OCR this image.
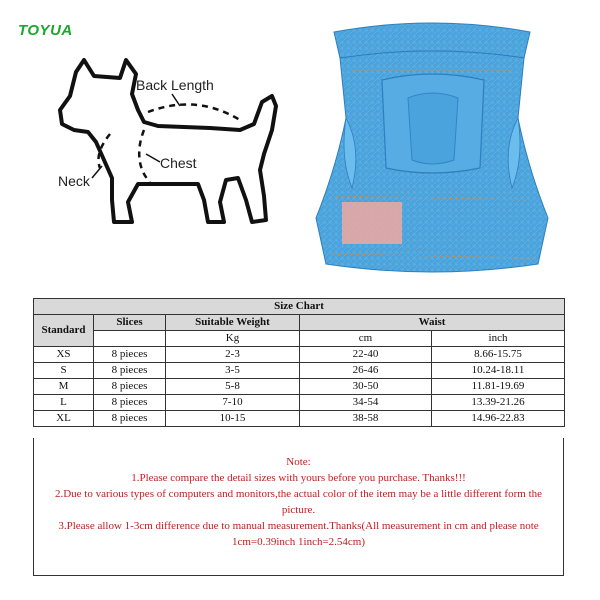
TOYUA
Back Length
Chest
Neck
Size Chart				
Standard	Slices	Suitable Weight	Waist	
		Kg	cm	inch
XS	8 pieces	2-3	22-40	8.66-15.75
S	8 pieces	3-5	26-46	10.24-18.11
M	8 pieces	5-8	30-50	11.81-19.69
L	8 pieces	7-10	34-54	13.39-21.26
XL	8 pieces	10-15	38-58	14.96-22.83

Note:

1.Please compare the detail sizes with yours before you purchase. Thanks!!!

2.Due to various types of computers and monitors,the actual color of the item may be a little different form the picture.

3.Please allow 1-3cm difference due to manual measurement.Thanks(All measurement in cm and please note 1cm=0.39inch 1inch=2.54cm)
